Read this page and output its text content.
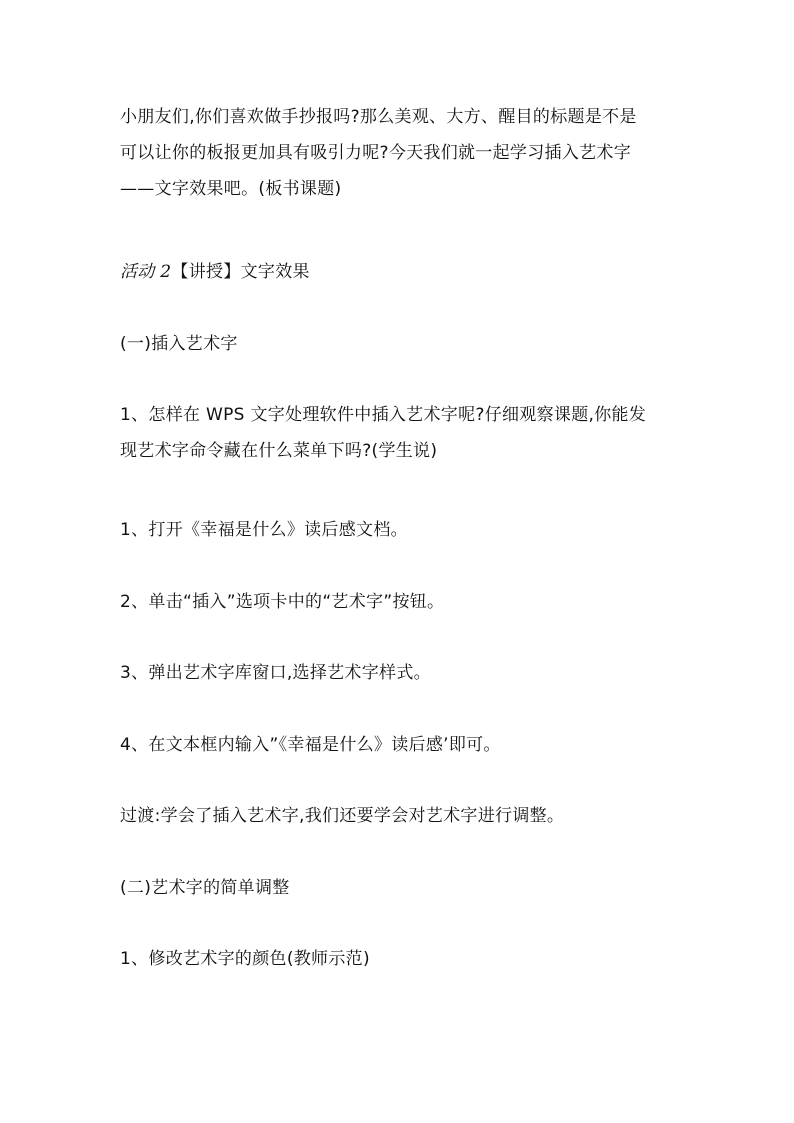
小朋友们,你们喜欢做手抄报吗?那么美观、大方、醒目的标题是不是
可以让你的板报更加具有吸引力呢?今天我们就一起学习插入艺术字
——文字效果吧。(板书课题)

活动 2【讲授】文字效果

(一)插入艺术字

1、怎样在 WPS 文字处理软件中插入艺术字呢?仔细观察课题,你能发
现艺术字命令藏在什么菜单下吗?(学生说)

1、打开《幸福是什么》读后感文档。

2、单击“插入”选项卡中的“艺术字”按钮。

3、弹出艺术字库窗口,选择艺术字样式。

4、在文本框内输入”《幸福是什么》读后感’即可。

过渡:学会了插入艺术字,我们还要学会对艺术字进行调整。

(二)艺术字的简单调整

1、修改艺术字的颜色(教师示范)
